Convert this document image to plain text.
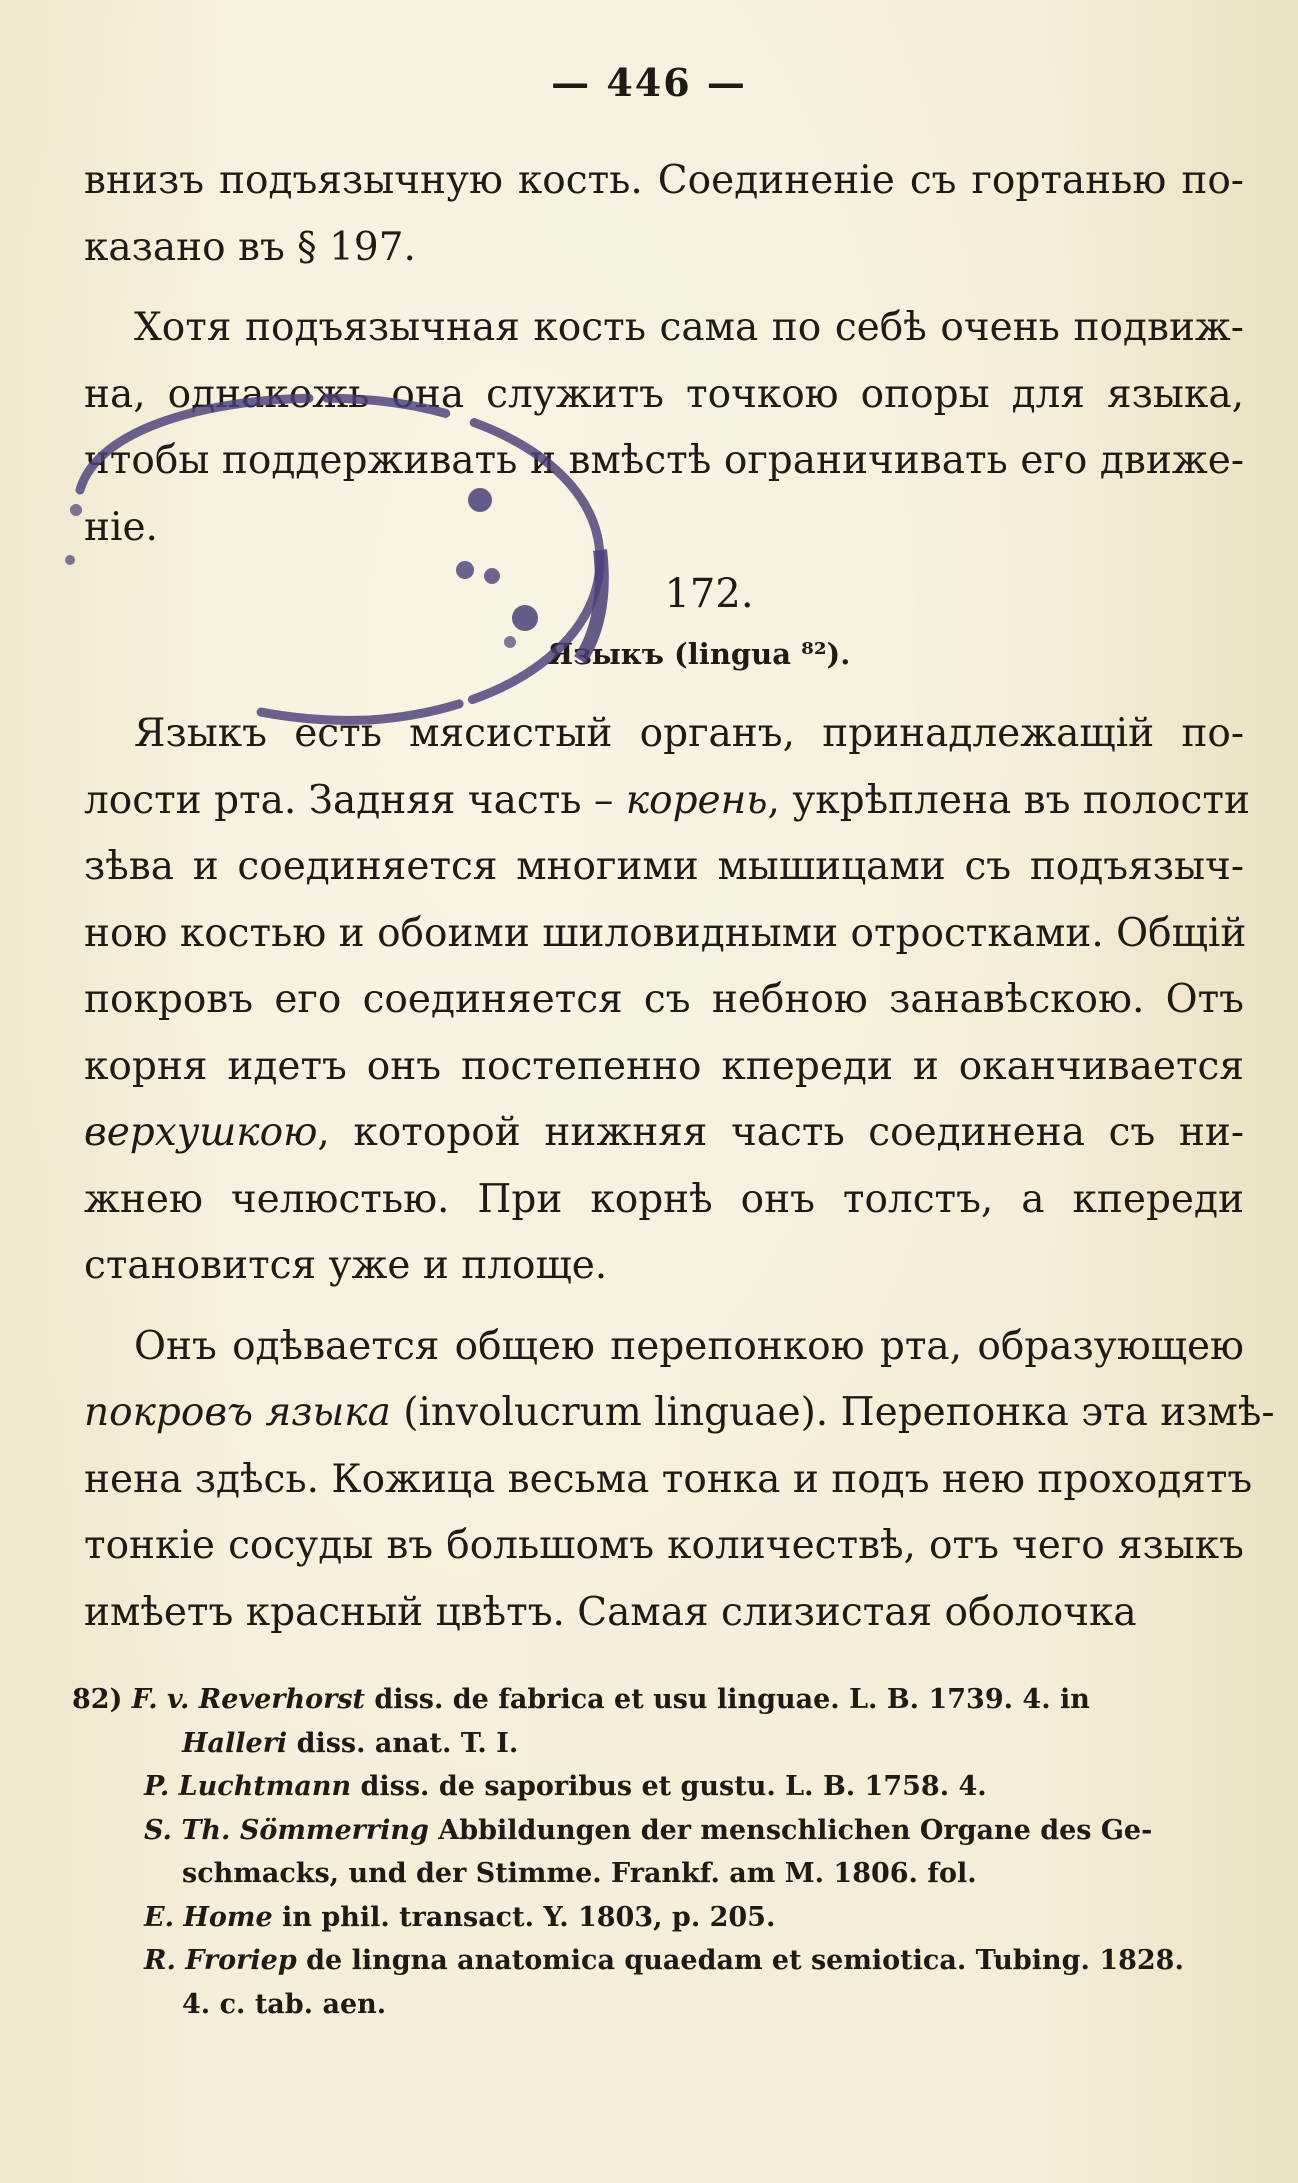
— 446 —
внизъ подъязычную кость. Соединенiе съ гортанью по-
казано въ § 197.
Хотя подъязычная кость сама по себѣ очень подвиж-
на, однакожь она служитъ точкою опоры для языка,
чтобы поддерживать и вмѣстѣ ограничивать его движе-
нiе.
172.
Языкъ (lingua ⁸²).
Языкъ есть мясистый органъ, принадлежащiй по-
лости рта. Задняя часть – корень, укрѣплена въ полости
зѣва и соединяется многими мышицами съ подъязыч-
ною костью и обоими шиловидными отростками. Общiй
покровъ его соединяется съ небною занавѣскою. Отъ
корня идетъ онъ постепенно кпереди и оканчивается
верхушкою, которой нижняя часть соединена съ ни-
жнею челюстью. При корнѣ онъ толстъ, а кпереди
становится уже и площе.
Онъ одѣвается общею перепонкою рта, образующею
покровъ языка (involucrum linguae). Перепонка эта измѣ-
нена здѣсь. Кожица весьма тонка и подъ нею проходятъ
тонкiе сосуды въ большомъ количествѣ, отъ чего языкъ
имѣетъ красный цвѣтъ. Самая слизистая оболочка
82) F. v. Reverhorst diss. de fabrica et usu linguae. L. B. 1739. 4. in
Halleri diss. anat. T. I.
P. Luchtmann diss. de saporibus et gustu. L. B. 1758. 4.
S. Th. Sömmerring Abbildungen der menschlichen Organe des Ge-
schmacks, und der Stimme. Frankf. am M. 1806. fol.
E. Home in phil. transact. Y. 1803, p. 205.
R. Froriep de lingna anatomica quaedam et semiotica. Tubing. 1828.
4. c. tab. aen.
